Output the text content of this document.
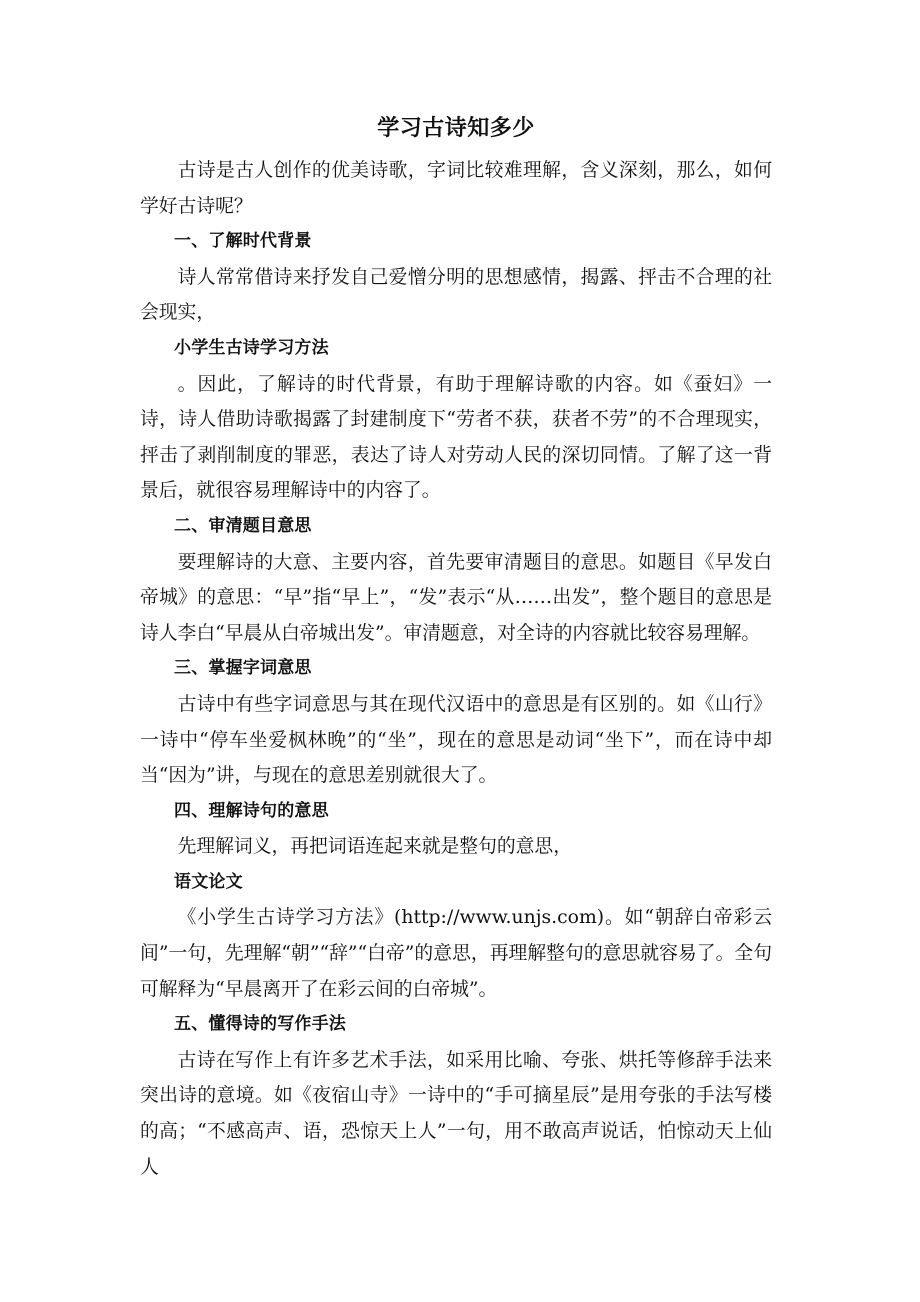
学习古诗知多少

古诗是古人创作的优美诗歌，字词比较难理解，含义深刻，那么，如何学好古诗呢？

一、了解时代背景

诗人常常借诗来抒发自己爱憎分明的思想感情，揭露、抨击不合理的社会现实，

小学生古诗学习方法

。因此，了解诗的时代背景，有助于理解诗歌的内容。如《蚕妇》一诗，诗人借助诗歌揭露了封建制度下“劳者不获，获者不劳”的不合理现实，抨击了剥削制度的罪恶，表达了诗人对劳动人民的深切同情。了解了这一背景后，就很容易理解诗中的内容了。

二、审清题目意思

要理解诗的大意、主要内容，首先要审清题目的意思。如题目《早发白帝城》的意思：“早”指“早上”，“发”表示“从……出发”，整个题目的意思是诗人李白“早晨从白帝城出发”。审清题意，对全诗的内容就比较容易理解。

三、掌握字词意思

古诗中有些字词意思与其在现代汉语中的意思是有区别的。如《山行》一诗中“停车坐爱枫林晚”的“坐”，现在的意思是动词“坐下”，而在诗中却当“因为”讲，与现在的意思差别就很大了。

四、理解诗句的意思

先理解词义，再把词语连起来就是整句的意思，

语文论文

《小学生古诗学习方法》(http://www.unjs.com)。如“朝辞白帝彩云间”一句，先理解“朝”“辞”“白帝”的意思，再理解整句的意思就容易了。全句可解释为“早晨离开了在彩云间的白帝城”。

五、懂得诗的写作手法

古诗在写作上有许多艺术手法，如采用比喻、夸张、烘托等修辞手法来突出诗的意境。如《夜宿山寺》一诗中的“手可摘星辰”是用夸张的手法写楼的高；“不感高声、语，恐惊天上人”一句，用不敢高声说话，怕惊动天上仙人
